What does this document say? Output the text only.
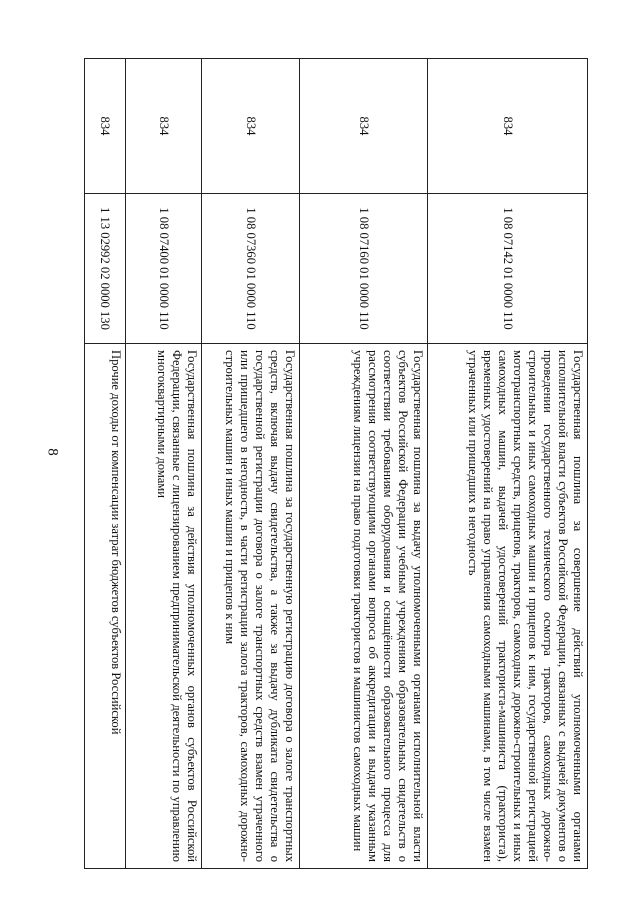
8
834	1 08 07142 01 0000 110	Государственная пошлина за совершение действий уполномоченными органами исполнительной власти субъектов Российской Федерации, связанных с выдачей документов о проведении государственного технического осмотра тракторов, самоходных дорожно-строительных и иных самоходных машин и прицепов к ним, государственной регистрацией мототранспортных средств, прицепов, тракторов, самоходных дорожно-строительных и иных самоходных машин, выдачей удостоверений тракториста-машиниста (тракториста), временных удостоверений на право управления самоходными машинами, в том числе взамен утраченных или пришедших в негодность
834	1 08 07160 01 0000 110	Государственная пошлина за выдачу уполномоченными органами исполнительной власти субъектов Российской Федерации учебным учреждениям образовательных свидетельств о соответствии требованиям оборудования и оснащённости образовательного процесса для рассмотрения соответствующими органами вопроса об аккредитации и выдачи указанным учреждениям лицензии на право подготовки трактористов и машинистов самоходных машин
834	1 08 07360 01 0000 110	Государственная пошлина за государственную регистрацию договора о залоге транспортных средств, включая выдачу свидетельства, а также за выдачу дубликата свидетельства о государственной регистрации договора о залоге транспортных средств взамен утраченного или пришедшего в негодность, в части регистрации залога тракторов, самоходных дорожно-строительных машин и иных машин и прицепов к ним
834	1 08 07400 01 0000 110	Государственная пошлина за действия уполномоченных органов субъектов Российской Федерации, связанные с лицензированием предпринимательской деятельности по управлению многоквартирными домами
834	1 13 02992 02 0000 130	Прочие доходы от компенсации затрат бюджетов субъектов Российской
